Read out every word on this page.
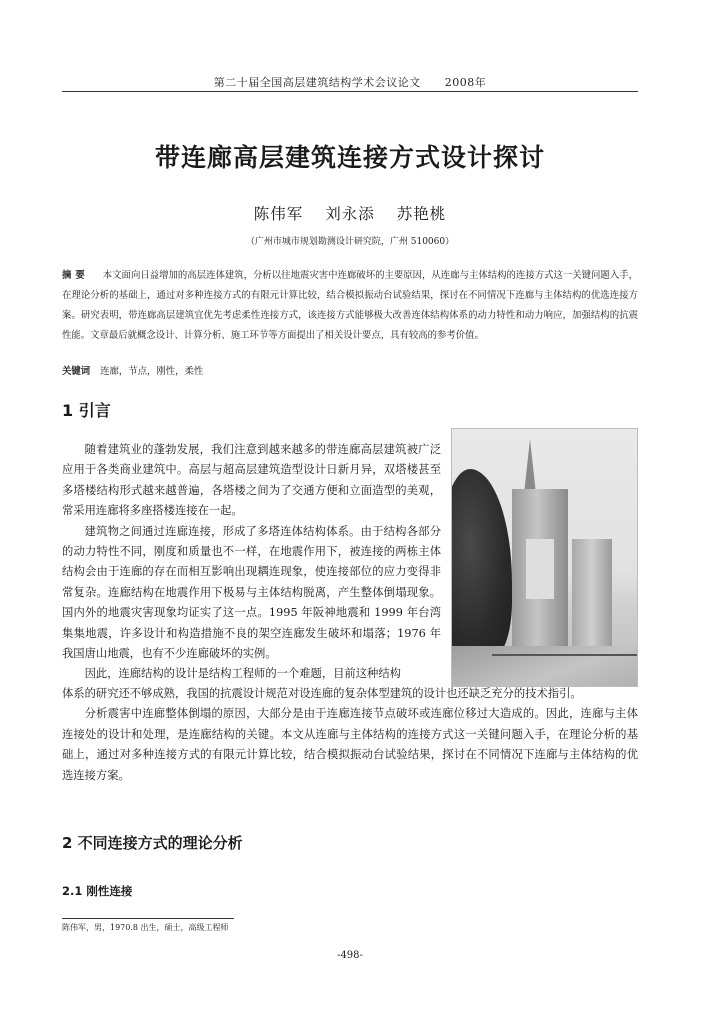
第二十届全国高层建筑结构学术会议论文 2008年
带连廊高层建筑连接方式设计探讨
陈伟军 刘永添 苏艳桃
（广州市城市规划勘测设计研究院，广州 510060）
摘要 本文面向日益增加的高层连体建筑，分析以往地震灾害中连廊破坏的主要原因，从连廊与主体结构的连接方式这一关键问题入手，在理论分析的基础上，通过对多种连接方式的有限元计算比较，结合模拟振动台试验结果，探讨在不同情况下连廊与主体结构的优选连接方案。研究表明，带连廊高层建筑宜优先考虑柔性连接方式，该连接方式能够极大改善连体结构体系的动力特性和动力响应，加强结构的抗震性能。文章最后就概念设计、计算分析、施工环节等方面提出了相关设计要点，具有较高的参考价值。
关键词 连廊，节点，刚性，柔性
1 引言

随着建筑业的蓬勃发展，我们注意到越来越多的带连廊高层建筑被广泛应用于各类商业建筑中。高层与超高层建筑造型设计日新月异，双塔楼甚至多塔楼结构形式越来越普遍，各塔楼之间为了交通方便和立面造型的美观，常采用连廊将多座搭楼连接在一起。

建筑物之间通过连廊连接，形成了多塔连体结构体系。由于结构各部分的动力特性不同，刚度和质量也不一样，在地震作用下，被连接的两栋主体结构会由于连廊的存在而相互影响出现耦连现象，使连接部位的应力变得非常复杂。连廊结构在地震作用下极易与主体结构脱离，产生整体倒塌现象。国内外的地震灾害现象均证实了这一点。1995 年阪神地震和 1999 年台湾集集地震，许多设计和构造措施不良的架空连廊发生破坏和塌落；1976 年我国唐山地震，也有不少连廊破坏的实例。

因此，连廊结构的设计是结构工程师的一个难题，目前这种结构

体系的研究还不够成熟，我国的抗震设计规范对设连廊的复杂体型建筑的设计也还缺乏充分的技术指引。

分析震害中连廊整体倒塌的原因，大部分是由于连廊连接节点破坏或连廊位移过大造成的。因此，连廊与主体连接处的设计和处理，是连廊结构的关键。本文从连廊与主体结构的连接方式这一关键问题入手，在理论分析的基础上，通过对多种连接方式的有限元计算比较，结合模拟振动台试验结果，探讨在不同情况下连廊与主体结构的优选连接方案。

2 不同连接方式的理论分析
2.1 刚性连接
陈伟军，男，1970.8 出生，硕士，高级工程师
-498-
